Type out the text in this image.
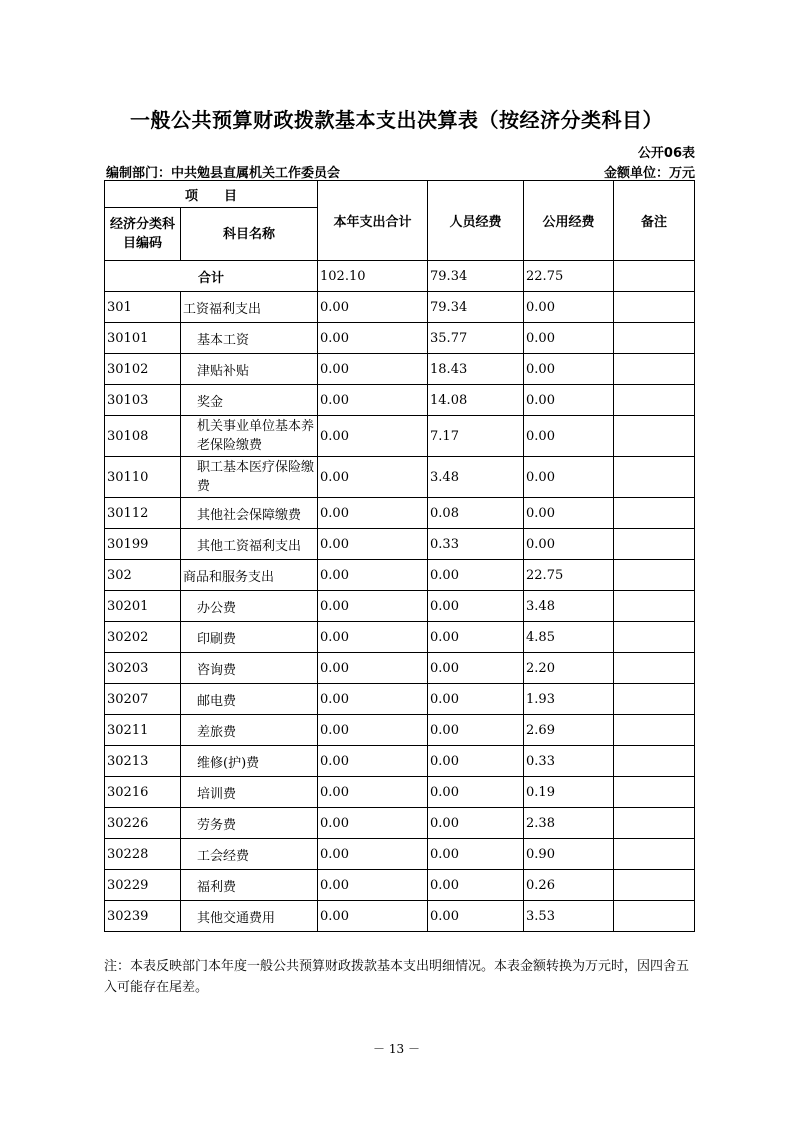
一般公共预算财政拨款基本支出决算表（按经济分类科目）
公开06表
编制部门：中共勉县直属机关工作委员会	金额单位：万元
项　　目		本年支出合计	人员经费	公用经费	备注
经济分类科目编码	科目名称				
合计		102.10	79.34	22.75	
301	工资福利支出	0.00	79.34	0.00	
30101	基本工资	0.00	35.77	0.00	
30102	津贴补贴	0.00	18.43	0.00	
30103	奖金	0.00	14.08	0.00	
30108	机关事业单位基本养老保险缴费	0.00	7.17	0.00	
30110	职工基本医疗保险缴费	0.00	3.48	0.00	
30112	其他社会保障缴费	0.00	0.08	0.00	
30199	其他工资福利支出	0.00	0.33	0.00	
302	商品和服务支出	0.00	0.00	22.75	
30201	办公费	0.00	0.00	3.48	
30202	印刷费	0.00	0.00	4.85	
30203	咨询费	0.00	0.00	2.20	
30207	邮电费	0.00	0.00	1.93	
30211	差旅费	0.00	0.00	2.69	
30213	维修(护)费	0.00	0.00	0.33	
30216	培训费	0.00	0.00	0.19	
30226	劳务费	0.00	0.00	2.38	
30228	工会经费	0.00	0.00	0.90	
30229	福利费	0.00	0.00	0.26	
30239	其他交通费用	0.00	0.00	3.53	
注：本表反映部门本年度一般公共预算财政拨款基本支出明细情况。本表金额转换为万元时，因四舍五入可能存在尾差。
－ 13 －
